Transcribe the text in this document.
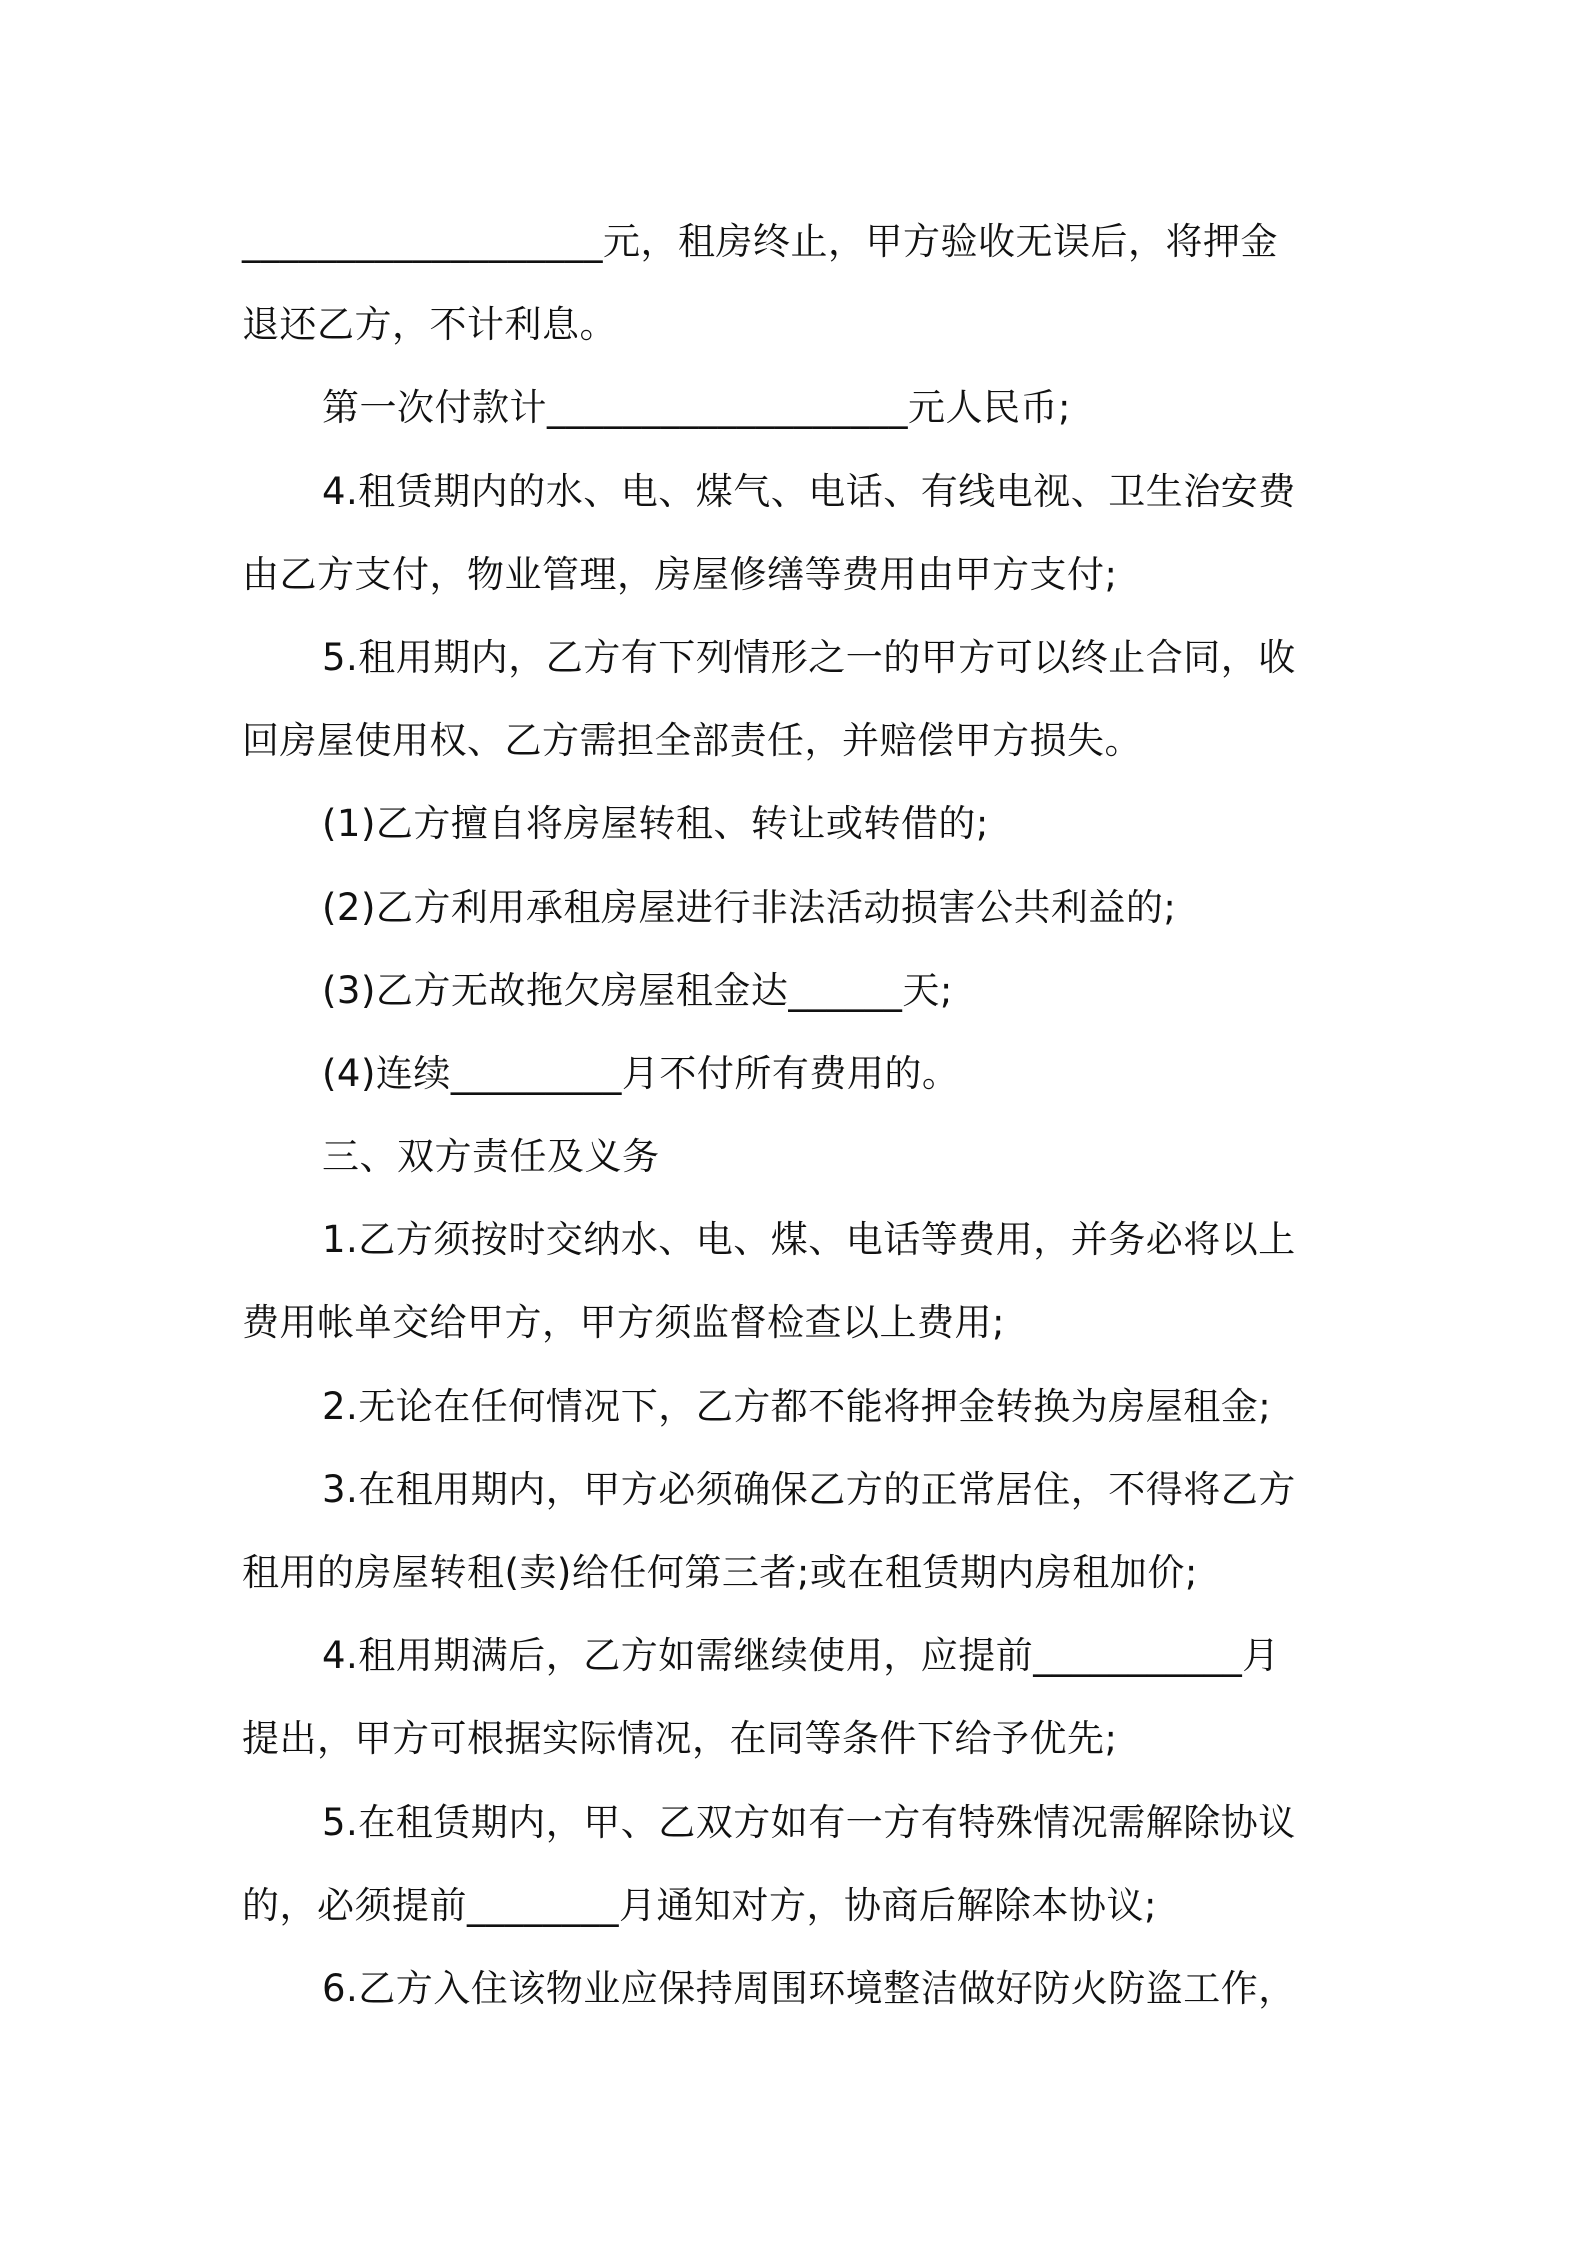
___________________元，租房终止，甲方验收无误后，将押金
退还乙方，不计利息。
第一次付款计___________________元人民币;
4.租赁期内的水、电、煤气、电话、有线电视、卫生治安费
由乙方支付，物业管理，房屋修缮等费用由甲方支付;
5.租用期内，乙方有下列情形之一的甲方可以终止合同，收
回房屋使用权、乙方需担全部责任，并赔偿甲方损失。
(1)乙方擅自将房屋转租、转让或转借的;
(2)乙方利用承租房屋进行非法活动损害公共利益的;
(3)乙方无故拖欠房屋租金达______天;
(4)连续_________月不付所有费用的。
三、双方责任及义务
1.乙方须按时交纳水、电、煤、电话等费用，并务必将以上
费用帐单交给甲方，甲方须监督检查以上费用;
2.无论在任何情况下，乙方都不能将押金转换为房屋租金;
3.在租用期内，甲方必须确保乙方的正常居住，不得将乙方
租用的房屋转租(卖)给任何第三者;或在租赁期内房租加价;
4.租用期满后，乙方如需继续使用，应提前___________月
提出，甲方可根据实际情况，在同等条件下给予优先;
5.在租赁期内，甲、乙双方如有一方有特殊情况需解除协议
的，必须提前________月通知对方，协商后解除本协议;
6.乙方入住该物业应保持周围环境整洁做好防火防盗工作，
